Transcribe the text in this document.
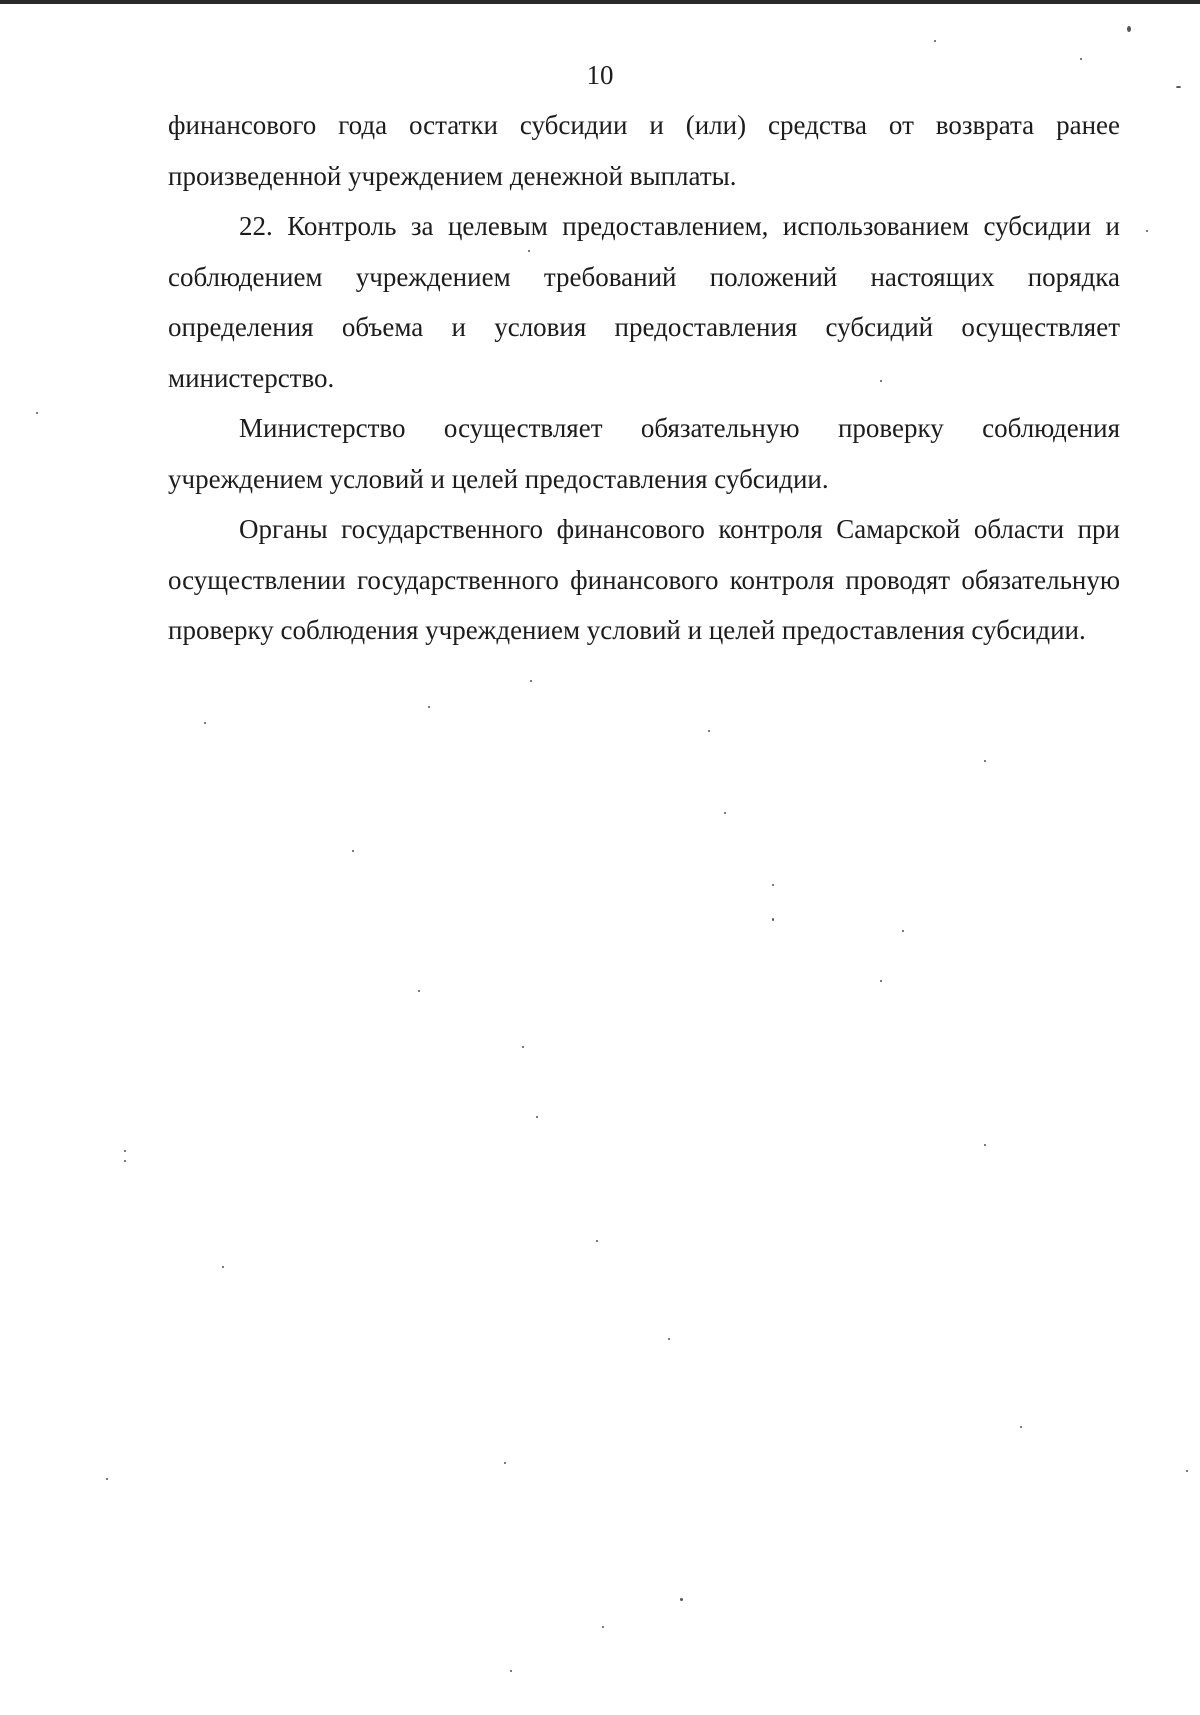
10

финансового года остатки субсидии и (или) средства от возврата ранее произведенной учреждением денежной выплаты.

22. Контроль за целевым предоставлением, использованием субсидии и соблюдением учреждением требований положений настоящих порядка определения объема и условия предоставления субсидий осуществляет министерство.

Министерство осуществляет обязательную проверку соблюдения учреждением условий и целей предоставления субсидии.

Органы государственного финансового контроля Самарской области при осуществлении государственного финансового контроля проводят обязательную проверку соблюдения учреждением условий и целей предоставления субсидии.
